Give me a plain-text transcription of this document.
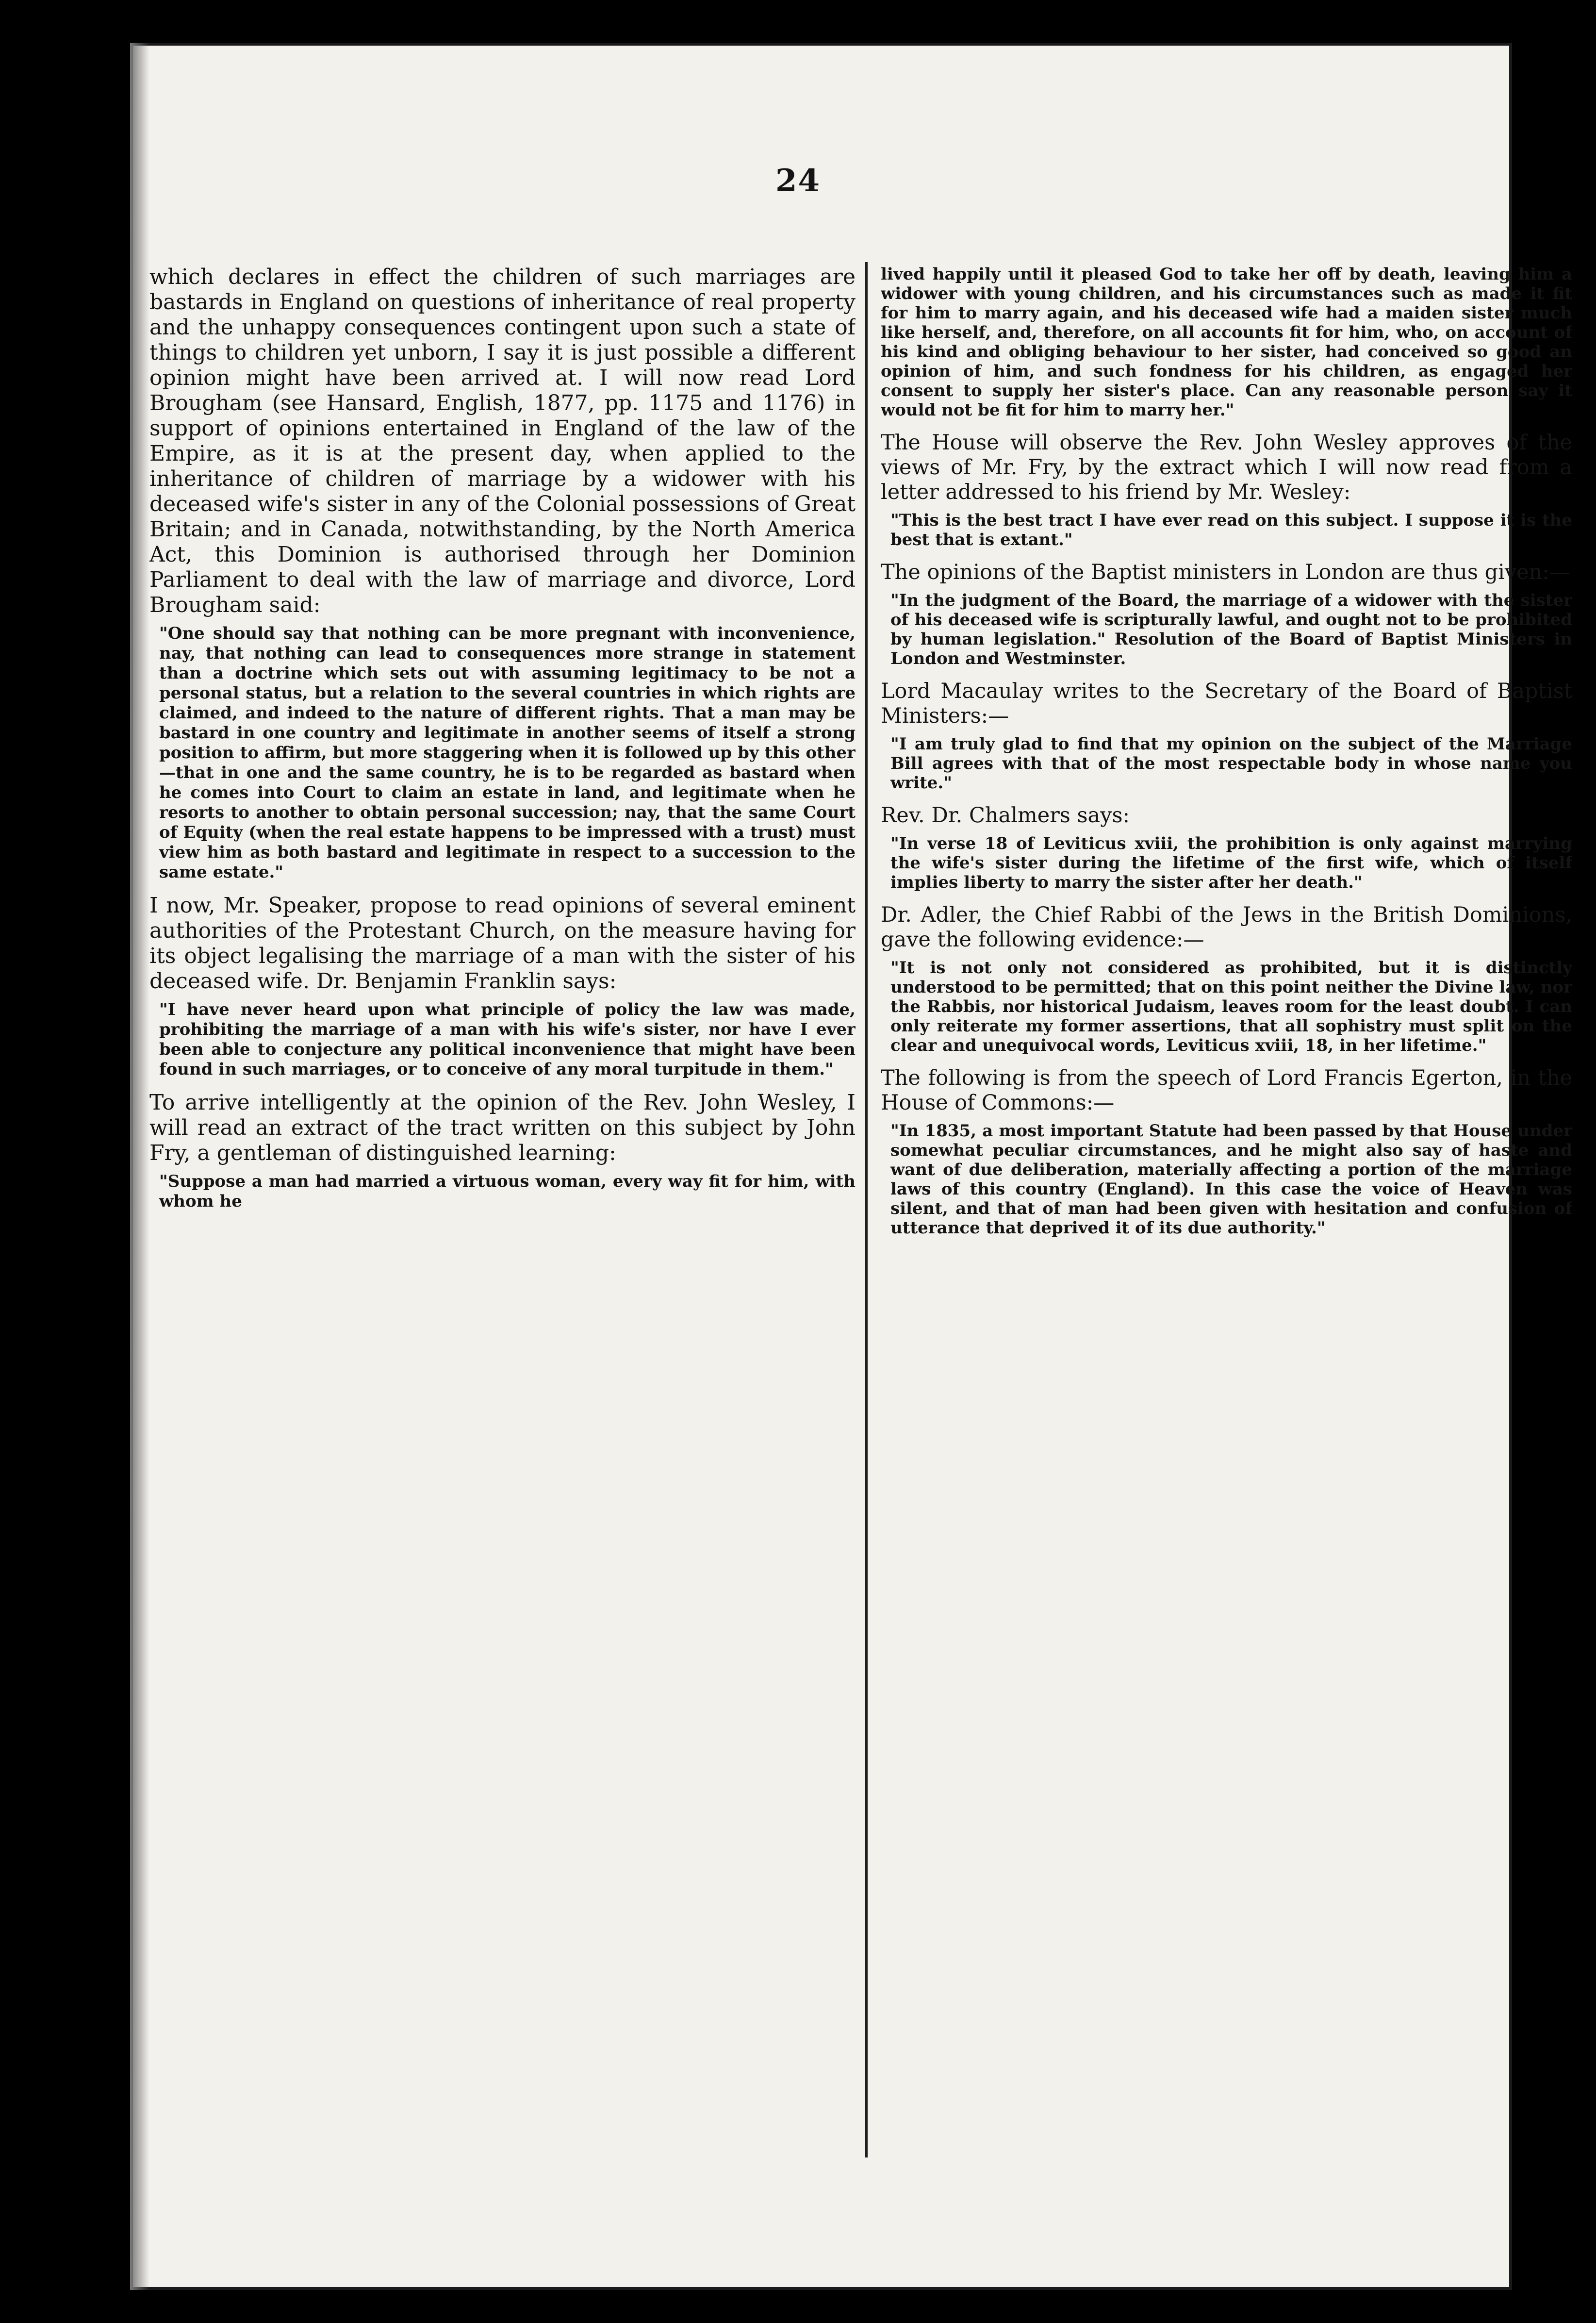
24

which declares in effect the children of such marriages are bastards in England on questions of inheritance of real property and the unhappy consequences contingent upon such a state of things to children yet unborn, I say it is just possible a different opinion might have been arrived at. I will now read Lord Brougham (see Hansard, English, 1877, pp. 1175 and 1176) in support of opinions entertained in England of the law of the Empire, as it is at the present day, when applied to the inheritance of children of marriage by a widower with his deceased wife's sister in any of the Colonial possessions of Great Britain; and in Canada, notwithstanding, by the North America Act, this Dominion is authorised through her Dominion Parliament to deal with the law of marriage and divorce, Lord Brougham said:

"One should say that nothing can be more pregnant with inconvenience, nay, that nothing can lead to consequences more strange in statement than a doctrine which sets out with assuming legitimacy to be not a personal status, but a relation to the several countries in which rights are claimed, and indeed to the nature of different rights. That a man may be bastard in one country and legitimate in another seems of itself a strong position to affirm, but more staggering when it is followed up by this other—that in one and the same country, he is to be regarded as bastard when he comes into Court to claim an estate in land, and legitimate when he resorts to another to obtain personal succession; nay, that the same Court of Equity (when the real estate happens to be impressed with a trust) must view him as both bastard and legitimate in respect to a succession to the same estate."

I now, Mr. Speaker, propose to read opinions of several eminent authorities of the Protestant Church, on the measure having for its object legalising the marriage of a man with the sister of his deceased wife. Dr. Benjamin Franklin says:

"I have never heard upon what principle of policy the law was made, prohibiting the marriage of a man with his wife's sister, nor have I ever been able to conjecture any political inconvenience that might have been found in such marriages, or to conceive of any moral turpitude in them."

To arrive intelligently at the opinion of the Rev. John Wesley, I will read an extract of the tract written on this subject by John Fry, a gentleman of distinguished learning:

"Suppose a man had married a virtuous woman, every way fit for him, with whom he

lived happily until it pleased God to take her off by death, leaving him a widower with young children, and his circumstances such as made it fit for him to marry again, and his deceased wife had a maiden sister much like herself, and, therefore, on all accounts fit for him, who, on account of his kind and obliging behaviour to her sister, had conceived so good an opinion of him, and such fondness for his children, as engaged her consent to supply her sister's place. Can any reasonable person say it would not be fit for him to marry her."

The House will observe the Rev. John Wesley approves of the views of Mr. Fry, by the extract which I will now read from a letter addressed to his friend by Mr. Wesley:

"This is the best tract I have ever read on this subject. I suppose it is the best that is extant."

The opinions of the Baptist ministers in London are thus given:—

"In the judgment of the Board, the marriage of a widower with the sister of his deceased wife is scripturally lawful, and ought not to be prohibited by human legislation." Resolution of the Board of Baptist Ministers in London and Westminster.

Lord Macaulay writes to the Secretary of the Board of Baptist Ministers:—

"I am truly glad to find that my opinion on the subject of the Marriage Bill agrees with that of the most respectable body in whose name you write."

Rev. Dr. Chalmers says:

"In verse 18 of Leviticus xviii, the prohibition is only against marrying the wife's sister during the lifetime of the first wife, which of itself implies liberty to marry the sister after her death."

Dr. Adler, the Chief Rabbi of the Jews in the British Dominions, gave the following evidence:—

"It is not only not considered as prohibited, but it is distinctly understood to be permitted; that on this point neither the Divine law, nor the Rabbis, nor historical Judaism, leaves room for the least doubt. I can only reiterate my former assertions, that all sophistry must split on the clear and unequivocal words, Leviticus xviii, 18, in her lifetime."

The following is from the speech of Lord Francis Egerton, in the House of Commons:—

"In 1835, a most important Statute had been passed by that House under somewhat peculiar circumstances, and he might also say of haste and want of due deliberation, materially affecting a portion of the marriage laws of this country (England). In this case the voice of Heaven was silent, and that of man had been given with hesitation and confusion of utterance that deprived it of its due authority."
